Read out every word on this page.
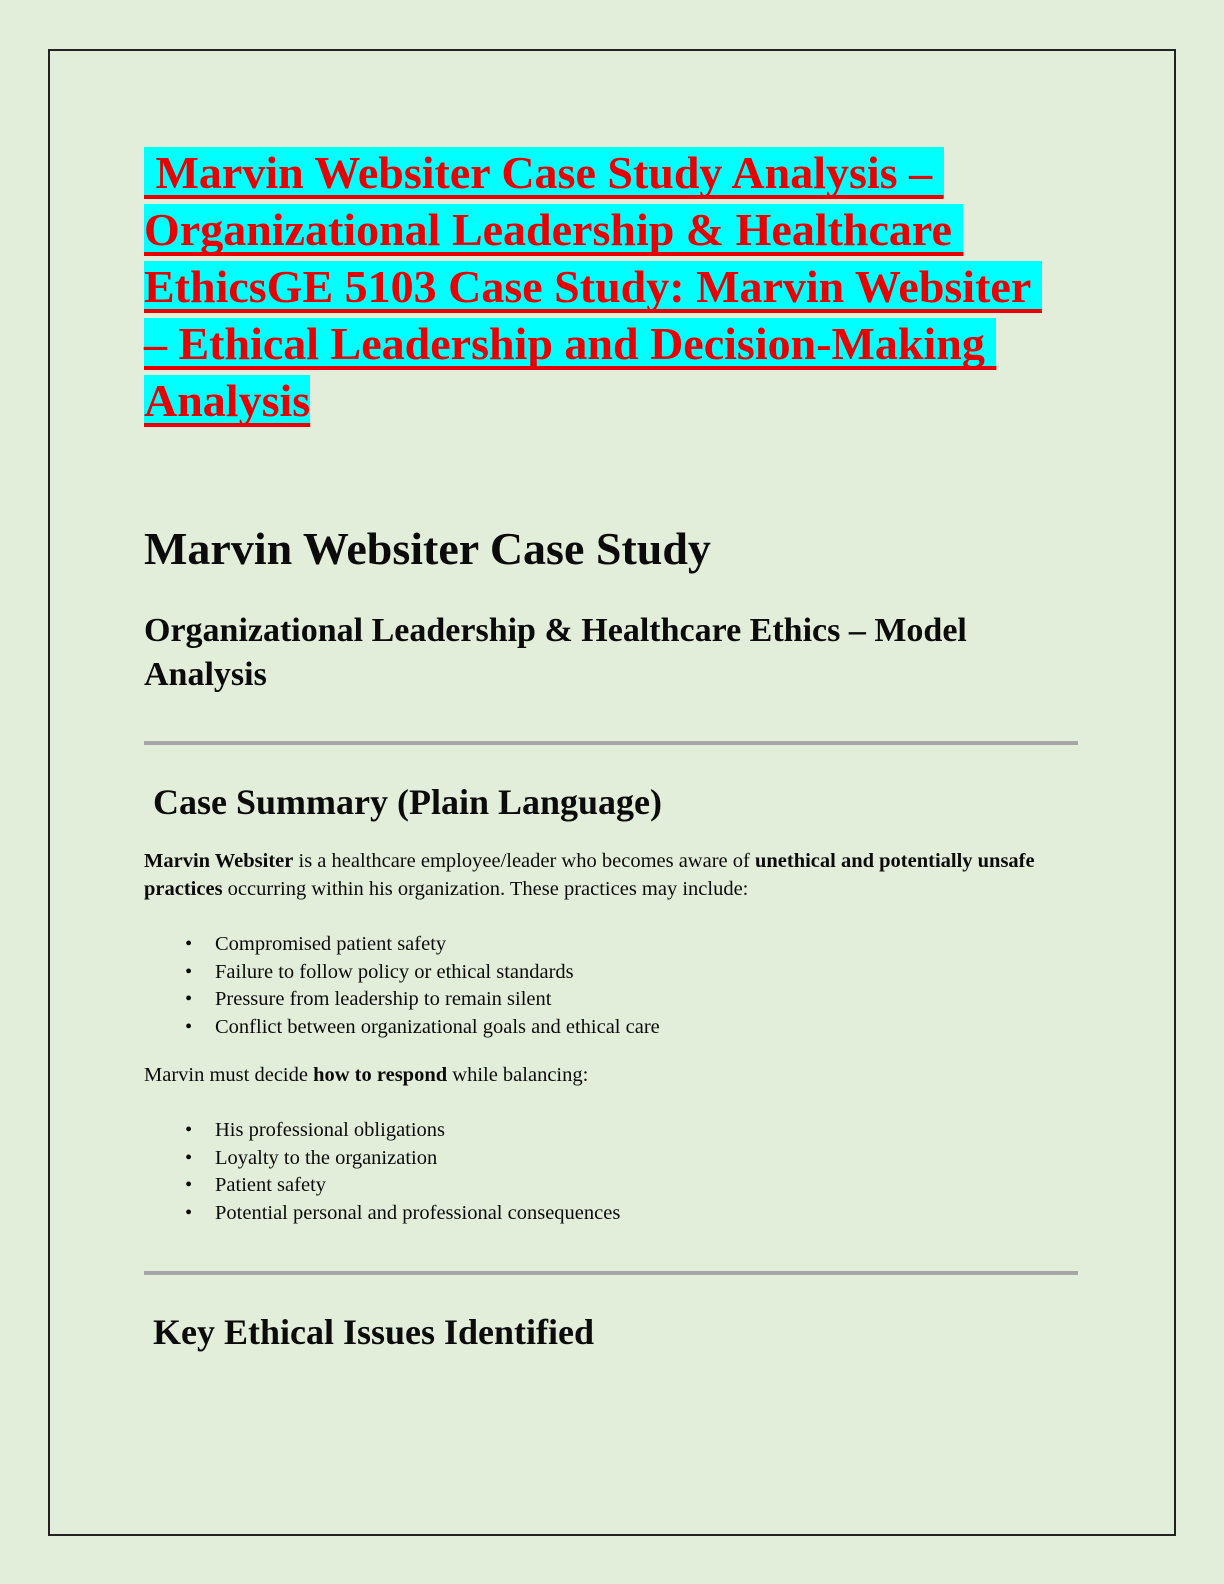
Marvin Websiter Case Study Analysis –
Organizational Leadership & Healthcare
EthicsGE 5103 Case Study: Marvin Websiter
– Ethical Leadership and Decision-Making
Analysis
Marvin Websiter Case Study
Organizational Leadership & Healthcare Ethics – Model Analysis
Case Summary (Plain Language)

Marvin Websiter is a healthcare employee/leader who becomes aware of unethical and potentially unsafe practices occurring within his organization. These practices may include:

• Compromised patient safety
• Failure to follow policy or ethical standards
• Pressure from leadership to remain silent
• Conflict between organizational goals and ethical care

Marvin must decide how to respond while balancing:

• His professional obligations
• Loyalty to the organization
• Patient safety
• Potential personal and professional consequences
Key Ethical Issues Identified
